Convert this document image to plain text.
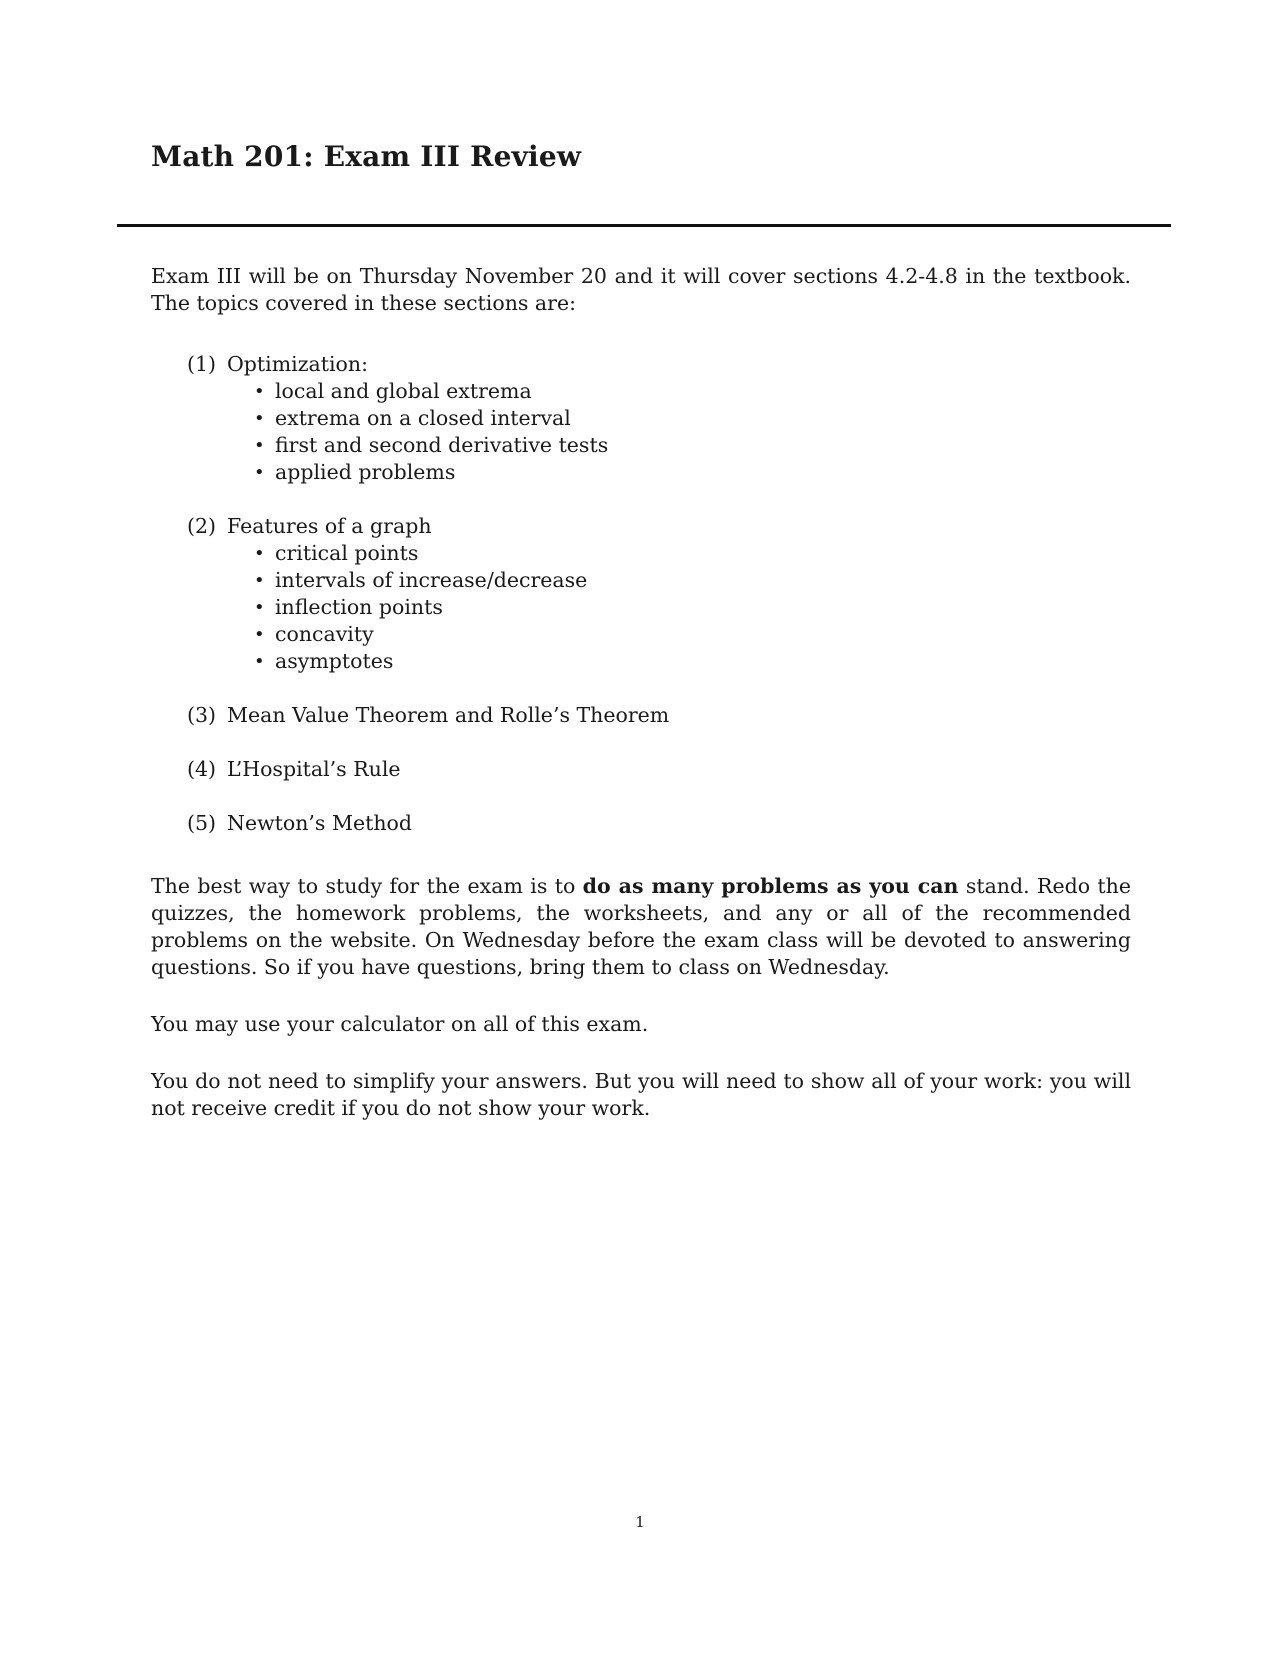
Math 201: Exam III Review

Exam III will be on Thursday November 20 and it will cover sections 4.2-4.8 in the textbook. The topics covered in these sections are:

(1) Optimization:
• local and global extrema
• extrema on a closed interval
• first and second derivative tests
• applied problems
(2) Features of a graph
• critical points
• intervals of increase/decrease
• inflection points
• concavity
• asymptotes
(3) Mean Value Theorem and Rolle’s Theorem
(4) L’Hospital’s Rule
(5) Newton’s Method

The best way to study for the exam is to do as many problems as you can stand. Redo the quizzes, the homework problems, the worksheets, and any or all of the recommended problems on the website. On Wednesday before the exam class will be devoted to answering questions. So if you have questions, bring them to class on Wednesday.

You may use your calculator on all of this exam.

You do not need to simplify your answers. But you will need to show all of your work: you will not receive credit if you do not show your work.

1
